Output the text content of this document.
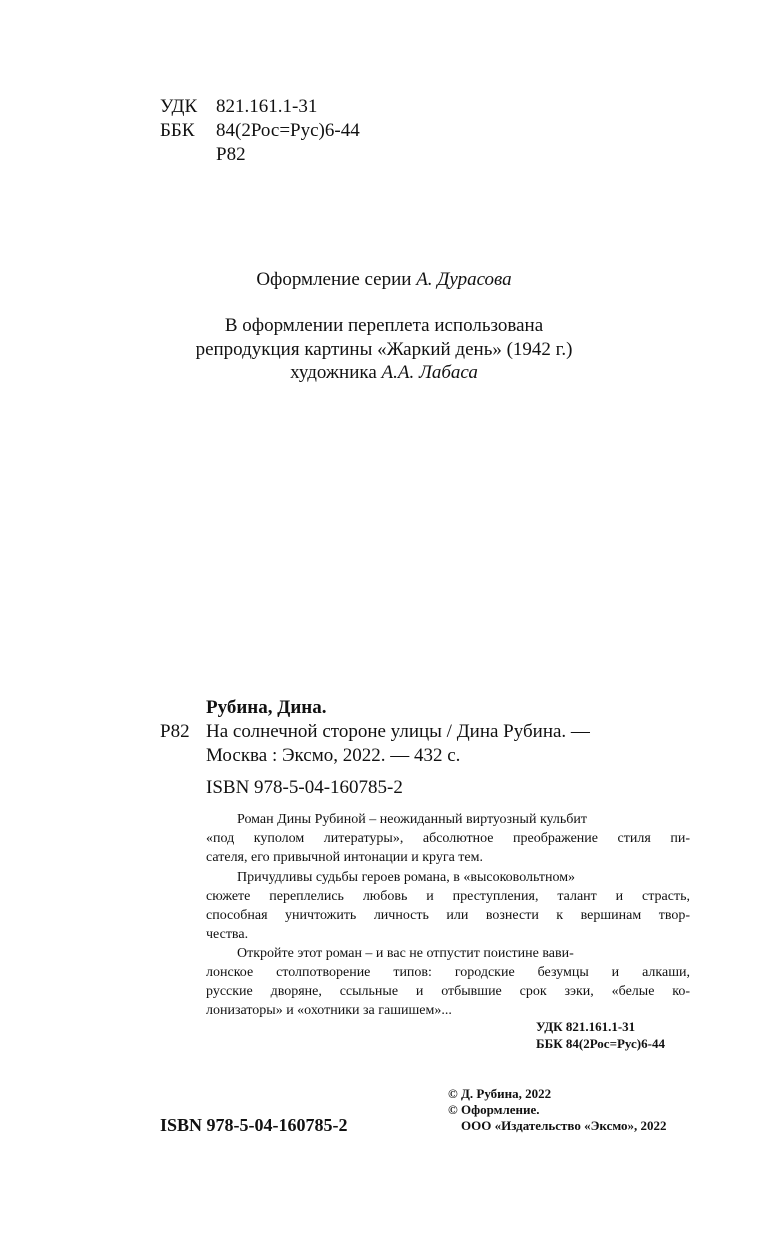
УДК 821.161.1-31
ББК 84(2Рос=Рус)6-44
Р82
Оформление серии А. Дурасова
В оформлении переплета использована
репродукция картины «Жаркий день» (1942 г.)
художника А.А. Лабаса
Рубина, Дина.
Р82 На солнечной стороне улицы / Дина Рубина. —
Москва : Эксмо, 2022. — 432 с.
ISBN 978-5-04-160785-2
Роман Дины Рубиной – неожиданный виртуозный кульбит
«под куполом литературы», абсолютное преображение стиля пи-
сателя, его привычной интонации и круга тем.
Причудливы судьбы героев романа, в «высоковольтном»
сюжете переплелись любовь и преступления, талант и страсть,
способная уничтожить личность или вознести к вершинам твор-
чества.
Откройте этот роман – и вас не отпустит поистине вави-
лонское столпотворение типов: городские безумцы и алкаши,
русские дворяне, ссыльные и отбывшие срок зэки, «белые ко-
лонизаторы» и «охотники за гашишем»...
УДК 821.161.1-31
ББК 84(2Рос=Рус)6-44
© Д. Рубина, 2022
© Оформление.
ООО «Издательство «Эксмо», 2022
ISBN 978-5-04-160785-2
